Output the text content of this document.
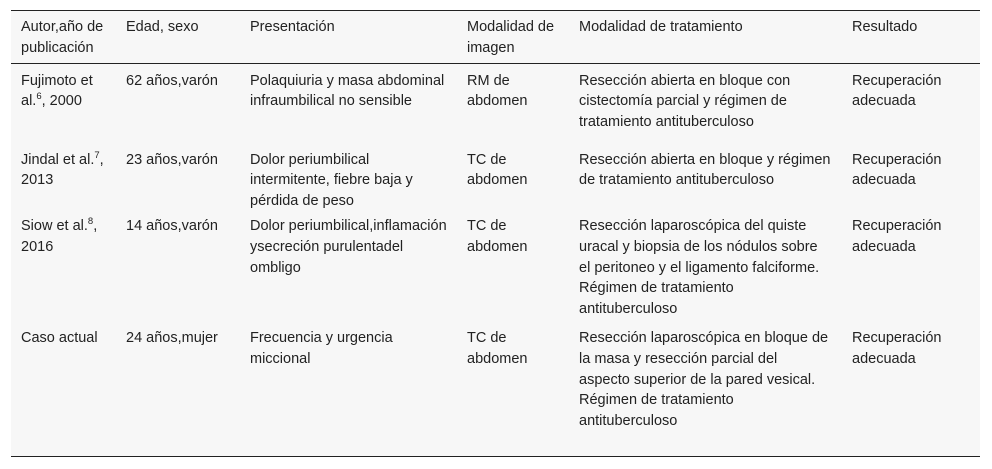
Autor,año de publicación	Edad, sexo	Presentación	Modalidad de imagen	Modalidad de tratamiento	Resultado
Fujimoto et al.$^6$, 2000	62 años,varón	Polaquiuria y masa abdominal infraumbilical no sensible	RM de abdomen	Resección abierta en bloque con cistectomía parcial y régimen de tratamiento antituberculoso	Recuperación adecuada
Jindal et al.$^7$, 2013	23 años,varón	Dolor periumbilical intermitente, fiebre baja y pérdida de peso	TC de abdomen	Resección abierta en bloque y régimen de tratamiento antituberculoso	Recuperación adecuada
Siow et al.$^8$, 2016	14 años,varón	Dolor periumbilical,inflamación ysecreción purulentadel ombligo	TC de abdomen	Resección laparoscópica del quiste uracal y biopsia de los nódulos sobre el peritoneo y el ligamento falciforme. Régimen de tratamiento antituberculoso	Recuperación adecuada
Caso actual	24 años,mujer	Frecuencia y urgencia miccional	TC de abdomen	Resección laparoscópica en bloque de la masa y resección parcial del aspecto superior de la pared vesical. Régimen de tratamiento antituberculoso	Recuperación adecuada
